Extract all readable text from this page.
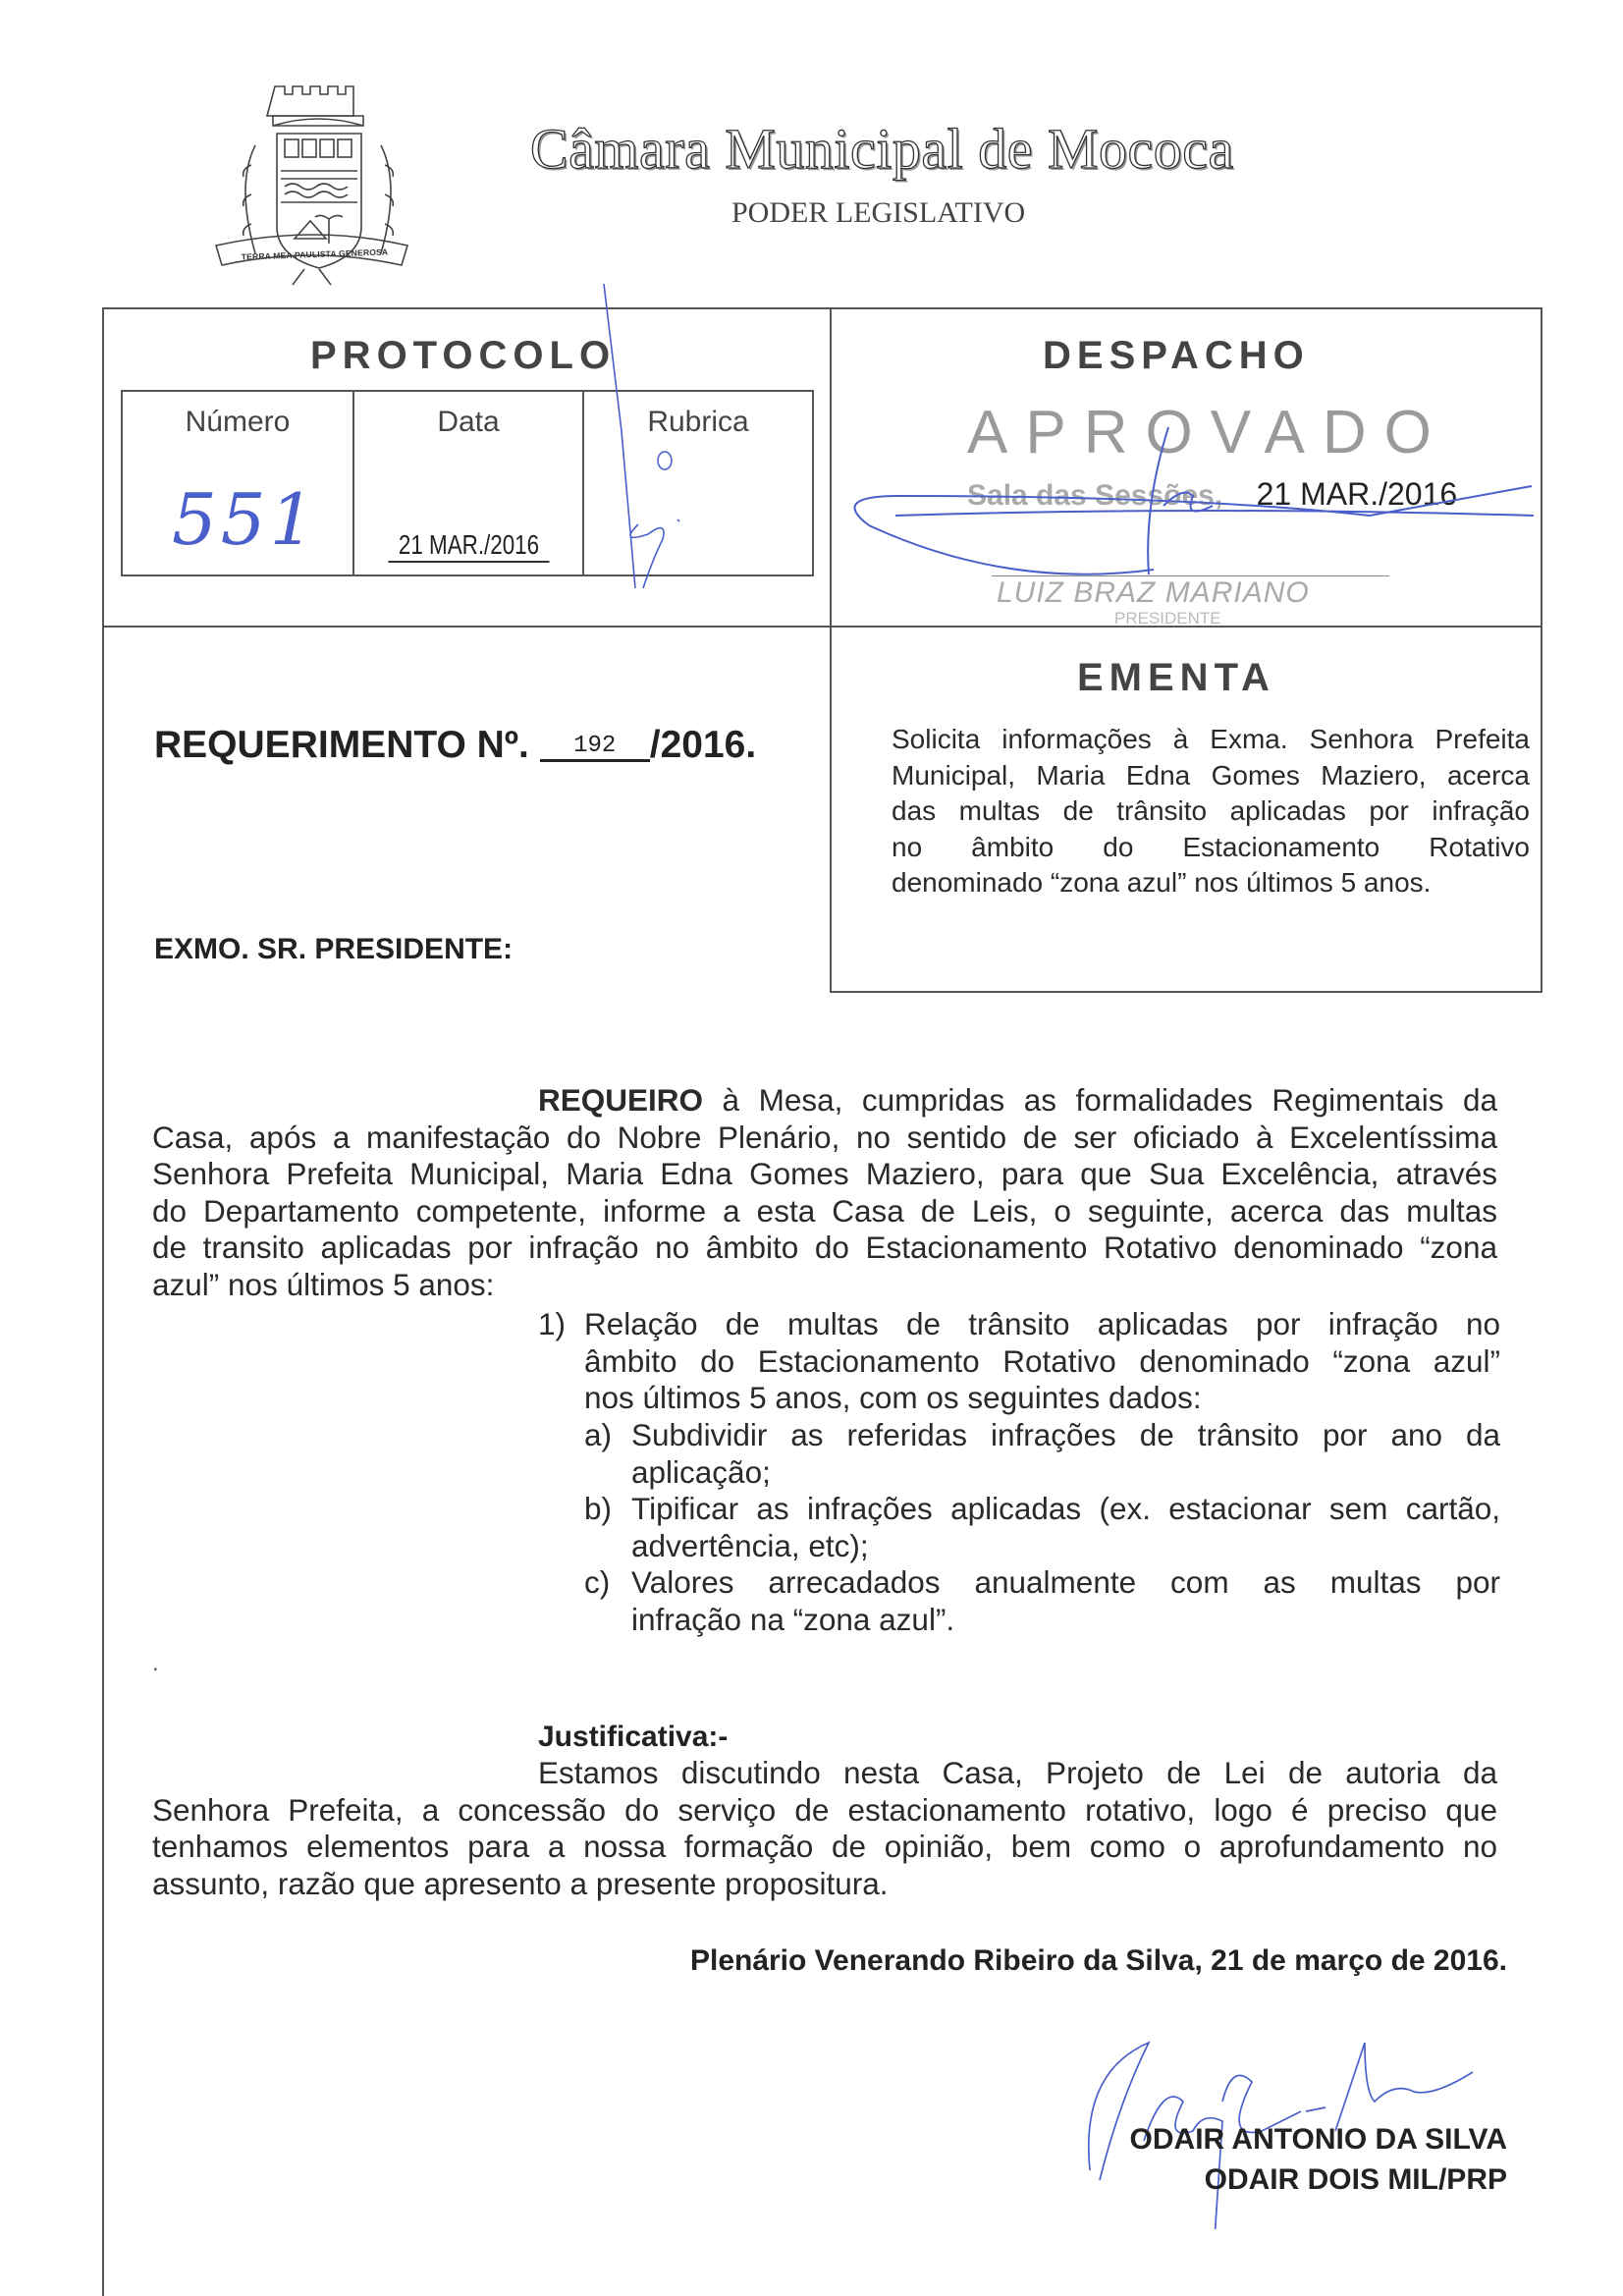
TERRA MEA PAULISTA GENEROSA
Câmara Municipal de Mococa
PODER LEGISLATIVO
PROTOCOLO
Número	Data	Rubrica
551	21 MAR./2016
DESPACHO
APROVADO
Sala das Sessões, 21 MAR./2016
LUIZ BRAZ MARIANO
PRESIDENTE
REQUERIMENTO Nº. 192 /2016.
EXMO. SR. PRESIDENTE:
EMENTA
Solicita informações à Exma. Senhora Prefeita
Municipal, Maria Edna Gomes Maziero, acerca
das multas de trânsito aplicadas por infração
no âmbito do Estacionamento Rotativo
denominado “zona azul” nos últimos 5 anos.
REQUEIRO à Mesa, cumpridas as formalidades Regimentais da
Casa, após a manifestação do Nobre Plenário, no sentido de ser oficiado à Excelentíssima
Senhora Prefeita Municipal, Maria Edna Gomes Maziero, para que Sua Excelência, através
do Departamento competente, informe a esta Casa de Leis, o seguinte, acerca das multas
de transito aplicadas por infração no âmbito do Estacionamento Rotativo denominado “zona
azul” nos últimos 5 anos:
1) Relação de multas de trânsito aplicadas por infração no
âmbito do Estacionamento Rotativo denominado “zona azul”
nos últimos 5 anos, com os seguintes dados:
a) Subdividir as referidas infrações de trânsito por ano da
aplicação;
b) Tipificar as infrações aplicadas (ex. estacionar sem cartão,
advertência, etc);
c) Valores arrecadados anualmente com as multas por
infração na “zona azul”.
.
Justificativa:-
Estamos discutindo nesta Casa, Projeto de Lei de autoria da
Senhora Prefeita, a concessão do serviço de estacionamento rotativo, logo é preciso que
tenhamos elementos para a nossa formação de opinião, bem como o aprofundamento no
assunto, razão que apresento a presente propositura.
Plenário Venerando Ribeiro da Silva, 21 de março de 2016.
ODAIR ANTONIO DA SILVA
ODAIR DOIS MIL/PRP
